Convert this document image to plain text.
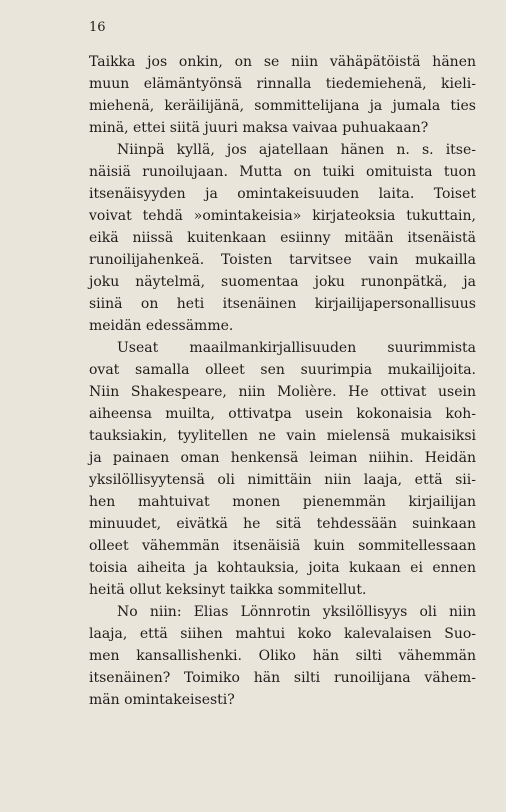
16
Taikka jos onkin, on se niin vähäpätöistä hänen
muun elämäntyönsä rinnalla tiedemiehenä, kieli-
miehenä, keräilijänä, sommittelijana ja jumala ties
minä, ettei siitä juuri maksa vaivaa puhuakaan?
Niinpä kyllä, jos ajatellaan hänen n. s. itse-
näisiä runoilujaan. Mutta on tuiki omituista tuon
itsenäisyyden ja omintakeisuuden laita. Toiset
voivat tehdä »omintakeisia» kirjateoksia tukuttain,
eikä niissä kuitenkaan esiinny mitään itsenäistä
runoilijahenkeä. Toisten tarvitsee vain mukailla
joku näytelmä, suomentaa joku runonpätkä, ja
siinä on heti itsenäinen kirjailijapersonallisuus
meidän edessämme.
Useat maailmankirjallisuuden suurimmista
ovat samalla olleet sen suurimpia mukailijoita.
Niin Shakespeare, niin Molière. He ottivat usein
aiheensa muilta, ottivatpa usein kokonaisia koh-
tauksiakin, tyylitellen ne vain mielensä mukaisiksi
ja painaen oman henkensä leiman niihin. Heidän
yksilöllisyytensä oli nimittäin niin laaja, että sii-
hen mahtuivat monen pienemmän kirjailijan
minuudet, eivätkä he sitä tehdessään suinkaan
olleet vähemmän itsenäisiä kuin sommitellessaan
toisia aiheita ja kohtauksia, joita kukaan ei ennen
heitä ollut keksinyt taikka sommitellut.
No niin: Elias Lönnrotin yksilöllisyys oli niin
laaja, että siihen mahtui koko kalevalaisen Suo-
men kansallishenki. Oliko hän silti vähemmän
itsenäinen? Toimiko hän silti runoilijana vähem-
män omintakeisesti?
